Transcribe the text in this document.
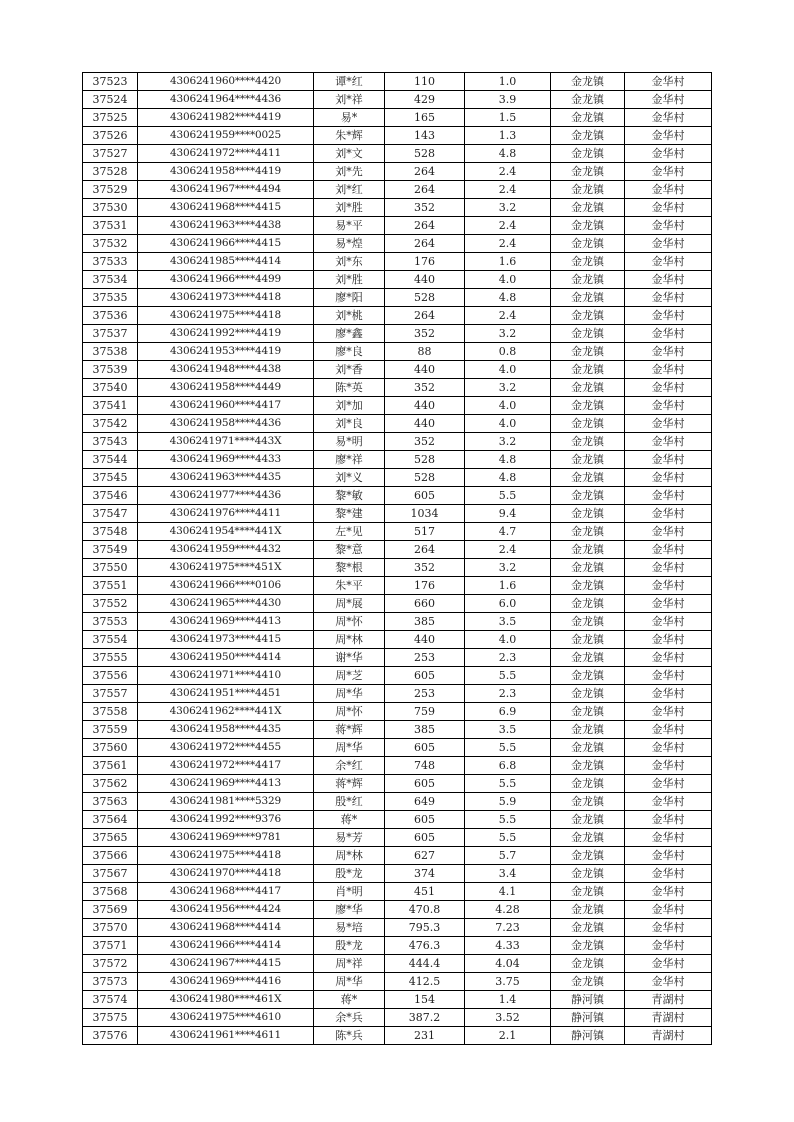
37523	4306241960****4420	谭*红	110	1.0	金龙镇	金华村
37524	4306241964****4436	刘*祥	429	3.9	金龙镇	金华村
37525	4306241982****4419	易*	165	1.5	金龙镇	金华村
37526	4306241959****0025	朱*辉	143	1.3	金龙镇	金华村
37527	4306241972****4411	刘*文	528	4.8	金龙镇	金华村
37528	4306241958****4419	刘*先	264	2.4	金龙镇	金华村
37529	4306241967****4494	刘*红	264	2.4	金龙镇	金华村
37530	4306241968****4415	刘*胜	352	3.2	金龙镇	金华村
37531	4306241963****4438	易*平	264	2.4	金龙镇	金华村
37532	4306241966****4415	易*煌	264	2.4	金龙镇	金华村
37533	4306241985****4414	刘*东	176	1.6	金龙镇	金华村
37534	4306241966****4499	刘*胜	440	4.0	金龙镇	金华村
37535	4306241973****4418	廖*阳	528	4.8	金龙镇	金华村
37536	4306241975****4418	刘*桃	264	2.4	金龙镇	金华村
37537	4306241992****4419	廖*鑫	352	3.2	金龙镇	金华村
37538	4306241953****4419	廖*良	88	0.8	金龙镇	金华村
37539	4306241948****4438	刘*香	440	4.0	金龙镇	金华村
37540	4306241958****4449	陈*英	352	3.2	金龙镇	金华村
37541	4306241960****4417	刘*加	440	4.0	金龙镇	金华村
37542	4306241958****4436	刘*良	440	4.0	金龙镇	金华村
37543	4306241971****443X	易*明	352	3.2	金龙镇	金华村
37544	4306241969****4433	廖*祥	528	4.8	金龙镇	金华村
37545	4306241963****4435	刘*义	528	4.8	金龙镇	金华村
37546	4306241977****4436	黎*敏	605	5.5	金龙镇	金华村
37547	4306241976****4411	黎*建	1034	9.4	金龙镇	金华村
37548	4306241954****441X	左*见	517	4.7	金龙镇	金华村
37549	4306241959****4432	黎*意	264	2.4	金龙镇	金华村
37550	4306241975****451X	黎*根	352	3.2	金龙镇	金华村
37551	4306241966****0106	朱*平	176	1.6	金龙镇	金华村
37552	4306241965****4430	周*展	660	6.0	金龙镇	金华村
37553	4306241969****4413	周*怀	385	3.5	金龙镇	金华村
37554	4306241973****4415	周*林	440	4.0	金龙镇	金华村
37555	4306241950****4414	谢*华	253	2.3	金龙镇	金华村
37556	4306241971****4410	周*芝	605	5.5	金龙镇	金华村
37557	4306241951****4451	周*华	253	2.3	金龙镇	金华村
37558	4306241962****441X	周*怀	759	6.9	金龙镇	金华村
37559	4306241958****4435	蒋*辉	385	3.5	金龙镇	金华村
37560	4306241972****4455	周*华	605	5.5	金龙镇	金华村
37561	4306241972****4417	余*红	748	6.8	金龙镇	金华村
37562	4306241969****4413	蒋*辉	605	5.5	金龙镇	金华村
37563	4306241981****5329	殷*红	649	5.9	金龙镇	金华村
37564	4306241992****9376	蒋*	605	5.5	金龙镇	金华村
37565	4306241969****9781	易*芳	605	5.5	金龙镇	金华村
37566	4306241975****4418	周*林	627	5.7	金龙镇	金华村
37567	4306241970****4418	殷*龙	374	3.4	金龙镇	金华村
37568	4306241968****4417	肖*明	451	4.1	金龙镇	金华村
37569	4306241956****4424	廖*华	470.8	4.28	金龙镇	金华村
37570	4306241968****4414	易*培	795.3	7.23	金龙镇	金华村
37571	4306241966****4414	殷*龙	476.3	4.33	金龙镇	金华村
37572	4306241967****4415	周*祥	444.4	4.04	金龙镇	金华村
37573	4306241969****4416	周*华	412.5	3.75	金龙镇	金华村
37574	4306241980****461X	蒋*	154	1.4	静河镇	青湖村
37575	4306241975****4610	余*兵	387.2	3.52	静河镇	青湖村
37576	4306241961****4611	陈*兵	231	2.1	静河镇	青湖村
